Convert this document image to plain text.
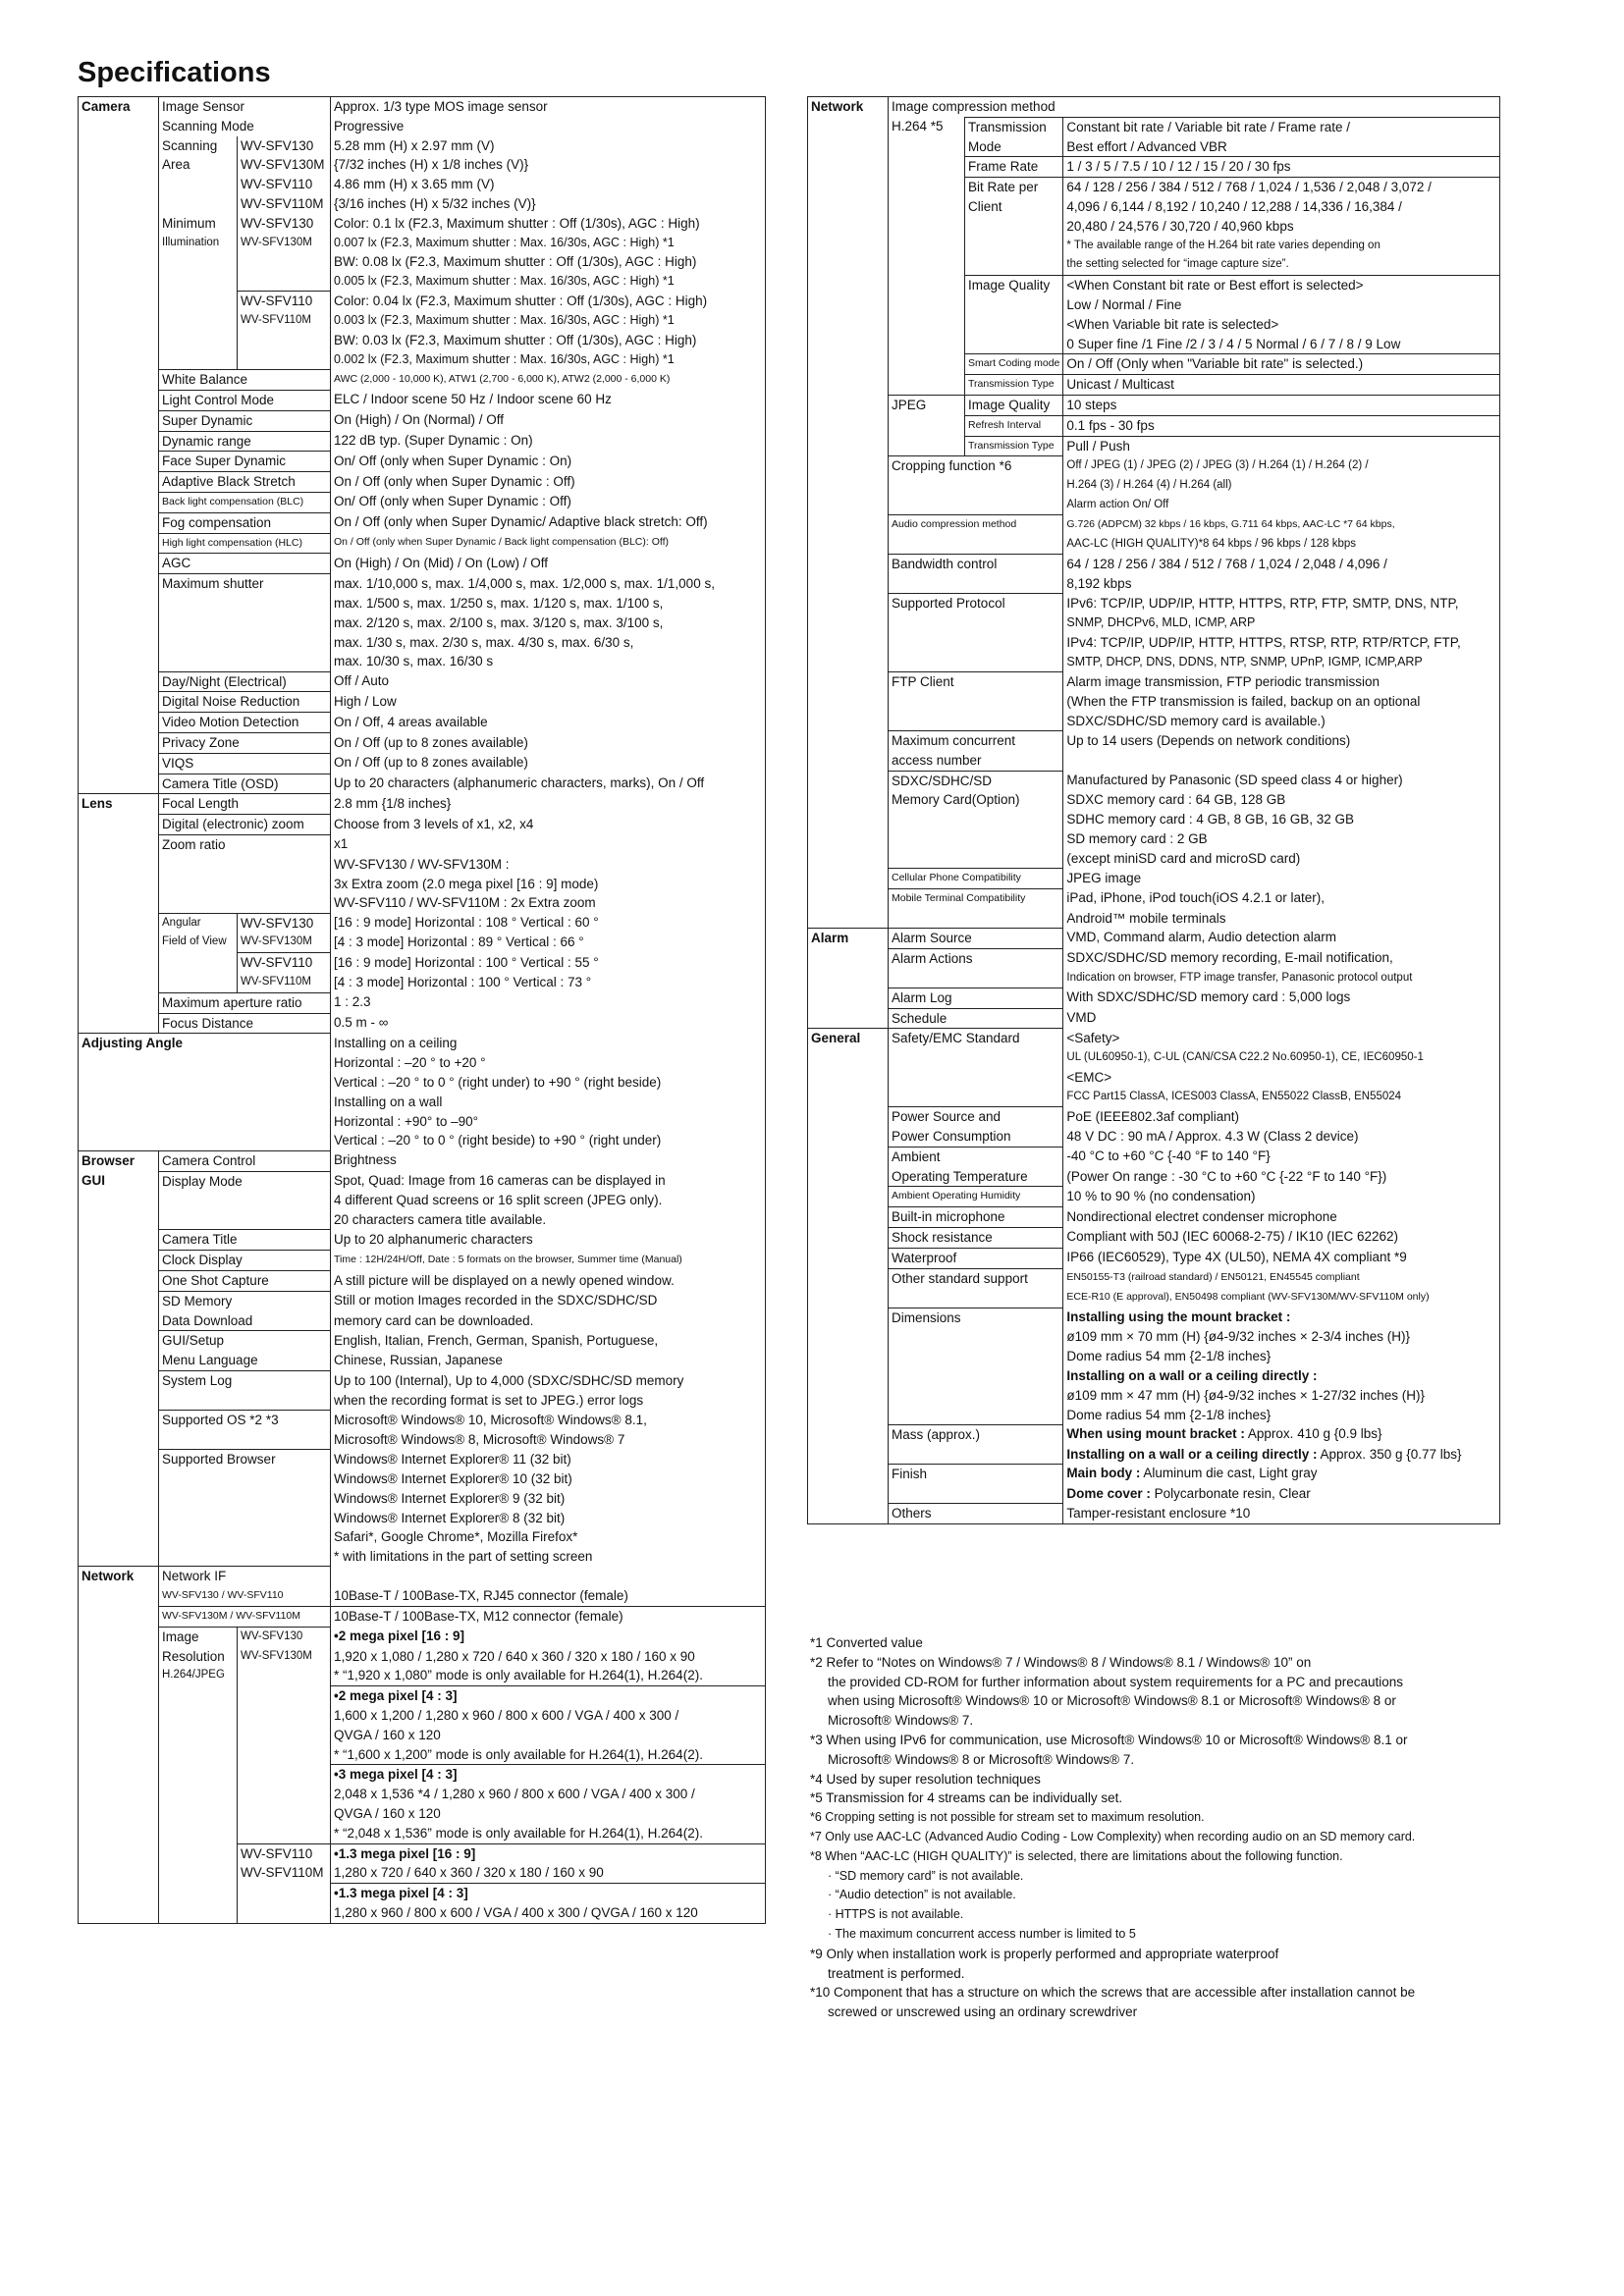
Specifications
Camera	Image Sensor		Approx. 1/3 type MOS image sensor
	Scanning Mode		Progressive
	Scanning	WV-SFV130	5.28 mm (H) x 2.97 mm (V)
	Area	WV-SFV130M	{7/32 inches (H) x 1/8 inches (V)}
		WV-SFV110	4.86 mm (H) x 3.65 mm (V)
		WV-SFV110M	{3/16 inches (H) x 5/32 inches (V)}
	Minimum	WV-SFV130	Color: 0.1 lx (F2.3, Maximum shutter : Off (1/30s), AGC : High)
	Illumination	WV-SFV130M	0.007 lx (F2.3, Maximum shutter : Max. 16/30s, AGC : High) *1
			BW: 0.08 lx (F2.3, Maximum shutter : Off (1/30s), AGC : High)
			0.005 lx (F2.3, Maximum shutter : Max. 16/30s, AGC : High) *1
		WV-SFV110	Color: 0.04 lx (F2.3, Maximum shutter : Off (1/30s), AGC : High)
		WV-SFV110M	0.003 lx (F2.3, Maximum shutter : Max. 16/30s, AGC : High) *1
			BW: 0.03 lx (F2.3, Maximum shutter : Off (1/30s), AGC : High)
			0.002 lx (F2.3, Maximum shutter : Max. 16/30s, AGC : High) *1
	White Balance		AWC (2,000 - 10,000 K), ATW1 (2,700 - 6,000 K), ATW2 (2,000 - 6,000 K)
	Light Control Mode		ELC / Indoor scene 50 Hz / Indoor scene 60 Hz
	Super Dynamic		On (High) / On (Normal) / Off
	Dynamic range		122 dB typ. (Super Dynamic : On)
	Face Super Dynamic		On/ Off (only when Super Dynamic : On)
	Adaptive Black Stretch		On / Off (only when Super Dynamic : Off)
	Back light compensation (BLC)		On/ Off (only when Super Dynamic : Off)
	Fog compensation		On / Off (only when Super Dynamic/ Adaptive black stretch: Off)
	High light compensation (HLC)		On / Off (only when Super Dynamic / Back light compensation (BLC): Off)
	AGC		On (High) / On (Mid) / On (Low) / Off
	Maximum shutter		max. 1/10,000 s, max. 1/4,000 s, max. 1/2,000 s, max. 1/1,000 s,
			max. 1/500 s, max. 1/250 s, max. 1/120 s, max. 1/100 s,
			max. 2/120 s, max. 2/100 s, max. 3/120 s, max. 3/100 s,
			max. 1/30 s, max. 2/30 s, max. 4/30 s, max. 6/30 s,
			max. 10/30 s, max. 16/30 s
	Day/Night (Electrical)		Off / Auto
	Digital Noise Reduction		High / Low
	Video Motion Detection		On / Off, 4 areas available
	Privacy Zone		On / Off (up to 8 zones available)
	VIQS		On / Off (up to 8 zones available)
	Camera Title (OSD)		Up to 20 characters (alphanumeric characters, marks), On / Off
Lens	Focal Length		2.8 mm {1/8 inches}
	Digital (electronic) zoom		Choose from 3 levels of x1, x2, x4
	Zoom ratio		x1
			WV-SFV130 / WV-SFV130M :
			3x Extra zoom (2.0 mega pixel [16 : 9] mode)
			WV-SFV110 / WV-SFV110M : 2x Extra zoom
	Angular	WV-SFV130	[16 : 9 mode] Horizontal : 108 ° Vertical : 60 °
	Field of View	WV-SFV130M	[4 : 3 mode] Horizontal : 89 ° Vertical : 66 °
		WV-SFV110	[16 : 9 mode] Horizontal : 100 ° Vertical : 55 °
		WV-SFV110M	[4 : 3 mode] Horizontal : 100 ° Vertical : 73 °
	Maximum aperture ratio		1 : 2.3
	Focus Distance		0.5 m - ∞
Adjusting Angle			Installing on a ceiling
			Horizontal : –20 ° to +20 °
			Vertical : –20 ° to 0 ° (right under) to +90 ° (right beside)
			Installing on a wall
			Horizontal : +90° to –90°
			Vertical : –20 ° to 0 ° (right beside) to +90 ° (right under)
Browser	Camera Control		Brightness
GUI	Display Mode		Spot, Quad: Image from 16 cameras can be displayed in
			4 different Quad screens or 16 split screen (JPEG only).
			20 characters camera title available.
	Camera Title		Up to 20 alphanumeric characters
	Clock Display		Time : 12H/24H/Off, Date : 5 formats on the browser, Summer time (Manual)
	One Shot Capture		A still picture will be displayed on a newly opened window.
	SD Memory		Still or motion Images recorded in the SDXC/SDHC/SD
	Data Download		memory card can be downloaded.
	GUI/Setup		English, Italian, French, German, Spanish, Portuguese,
	Menu Language		Chinese, Russian, Japanese
	System Log		Up to 100 (Internal), Up to 4,000 (SDXC/SDHC/SD memory
			when the recording format is set to JPEG.) error logs
	Supported OS *2 *3		Microsoft® Windows® 10, Microsoft® Windows® 8.1,
			Microsoft® Windows® 8, Microsoft® Windows® 7
	Supported Browser		Windows® Internet Explorer® 11 (32 bit)
			Windows® Internet Explorer® 10 (32 bit)
			Windows® Internet Explorer® 9 (32 bit)
			Windows® Internet Explorer® 8 (32 bit)
			Safari*, Google Chrome*, Mozilla Firefox*
			* with limitations in the part of setting screen
Network	Network IF		
	WV-SFV130 / WV-SFV110		10Base-T / 100Base-TX, RJ45 connector (female)
	WV-SFV130M / WV-SFV110M		10Base-T / 100Base-TX, M12 connector (female)
	Image	WV-SFV130	•2 mega pixel [16 : 9]
	Resolution	WV-SFV130M	1,920 x 1,080 / 1,280 x 720 / 640 x 360 / 320 x 180 / 160 x 90
	H.264/JPEG		* “1,920 x 1,080” mode is only available for H.264(1), H.264(2).
			•2 mega pixel [4 : 3]
			1,600 x 1,200 / 1,280 x 960 / 800 x 600 / VGA / 400 x 300 /
			QVGA / 160 x 120
			* “1,600 x 1,200” mode is only available for H.264(1), H.264(2).
			•3 mega pixel [4 : 3]
			2,048 x 1,536 *4 / 1,280 x 960 / 800 x 600 / VGA / 400 x 300 /
			QVGA / 160 x 120
			* “2,048 x 1,536” mode is only available for H.264(1), H.264(2).
		WV-SFV110	•1.3 mega pixel [16 : 9]
		WV-SFV110M	1,280 x 720 / 640 x 360 / 320 x 180 / 160 x 90
			•1.3 mega pixel [4 : 3]
			1,280 x 960 / 800 x 600 / VGA / 400 x 300 / QVGA / 160 x 120
Network	Image compression method		
	H.264 *5	Transmission	Constant bit rate / Variable bit rate / Frame rate /
		Mode	Best effort / Advanced VBR
		Frame Rate	1 / 3 / 5 / 7.5 / 10 / 12 / 15 / 20 / 30 fps
		Bit Rate per	64 / 128 / 256 / 384 / 512 / 768 / 1,024 / 1,536 / 2,048 / 3,072 /
		Client	4,096 / 6,144 / 8,192 / 10,240 / 12,288 / 14,336 / 16,384 /
			20,480 / 24,576 / 30,720 / 40,960 kbps
			* The available range of the H.264 bit rate varies depending on
			the setting selected for “image capture size”.
		Image Quality	<When Constant bit rate or Best effort is selected>
			Low / Normal / Fine
			<When Variable bit rate is selected>
			0 Super fine /1 Fine /2 / 3 / 4 / 5 Normal / 6 / 7 / 8 / 9 Low
		Smart Coding mode	On / Off (Only when "Variable bit rate" is selected.)
		Transmission Type	Unicast / Multicast
	JPEG	Image Quality	10 steps
		Refresh Interval	0.1 fps - 30 fps
		Transmission Type	Pull / Push
	Cropping function *6		Off / JPEG (1) / JPEG (2) / JPEG (3) / H.264 (1) / H.264 (2) /
			H.264 (3) / H.264 (4) / H.264 (all)
			Alarm action On/ Off
	Audio compression method		G.726 (ADPCM) 32 kbps / 16 kbps, G.711 64 kbps, AAC-LC *7 64 kbps,
			AAC-LC (HIGH QUALITY)*8 64 kbps / 96 kbps / 128 kbps
	Bandwidth control		64 / 128 / 256 / 384 / 512 / 768 / 1,024 / 2,048 / 4,096 /
			8,192 kbps
	Supported Protocol		IPv6: TCP/IP, UDP/IP, HTTP, HTTPS, RTP, FTP, SMTP, DNS, NTP,
			SNMP, DHCPv6, MLD, ICMP, ARP
			IPv4: TCP/IP, UDP/IP, HTTP, HTTPS, RTSP, RTP, RTP/RTCP, FTP,
			SMTP, DHCP, DNS, DDNS, NTP, SNMP, UPnP, IGMP, ICMP,ARP
	FTP Client		Alarm image transmission, FTP periodic transmission
			(When the FTP transmission is failed, backup on an optional
			SDXC/SDHC/SD memory card is available.)
	Maximum concurrent		Up to 14 users (Depends on network conditions)
	access number		
	SDXC/SDHC/SD		Manufactured by Panasonic (SD speed class 4 or higher)
	Memory Card(Option)		SDXC memory card : 64 GB, 128 GB
			SDHC memory card : 4 GB, 8 GB, 16 GB, 32 GB
			SD memory card : 2 GB
			(except miniSD card and microSD card)
	Cellular Phone Compatibility		JPEG image
	Mobile Terminal Compatibility		iPad, iPhone, iPod touch(iOS 4.2.1 or later),
			Android™ mobile terminals
Alarm	Alarm Source		VMD, Command alarm, Audio detection alarm
	Alarm Actions		SDXC/SDHC/SD memory recording, E-mail notification,
			Indication on browser, FTP image transfer, Panasonic protocol output
	Alarm Log		With SDXC/SDHC/SD memory card : 5,000 logs
	Schedule		VMD
General	Safety/EMC Standard		<Safety>
			UL (UL60950-1), C-UL (CAN/CSA C22.2 No.60950-1), CE, IEC60950-1
			<EMC>
			FCC Part15 ClassA, ICES003 ClassA, EN55022 ClassB, EN55024
	Power Source and		PoE (IEEE802.3af compliant)
	Power Consumption		48 V DC : 90 mA / Approx. 4.3 W (Class 2 device)
	Ambient		-40 °C to +60 °C {-40 °F to 140 °F}
	Operating Temperature		(Power On range : -30 °C to +60 °C {-22 °F to 140 °F})
	Ambient Operating Humidity		10 % to 90 % (no condensation)
	Built-in microphone		Nondirectional electret condenser microphone
	Shock resistance		Compliant with 50J (IEC 60068-2-75) / IK10 (IEC 62262)
	Waterproof		IP66 (IEC60529), Type 4X (UL50), NEMA 4X compliant *9
	Other standard support		EN50155-T3 (railroad standard) / EN50121, EN45545 compliant
			ECE-R10 (E approval), EN50498 compliant (WV-SFV130M/WV-SFV110M only)
	Dimensions		Installing using the mount bracket :
			ø109 mm × 70 mm (H) {ø4-9/32 inches × 2-3/4 inches (H)}
			Dome radius 54 mm {2-1/8 inches}
			Installing on a wall or a ceiling directly :
			ø109 mm × 47 mm (H) {ø4-9/32 inches × 1-27/32 inches (H)}
			Dome radius 54 mm {2-1/8 inches}
	Mass (approx.)		When using mount bracket : Approx. 410 g {0.9 lbs}
			Installing on a wall or a ceiling directly : Approx. 350 g {0.77 lbs}
	Finish		Main body : Aluminum die cast, Light gray
			Dome cover : Polycarbonate resin, Clear
	Others		Tamper-resistant enclosure *10
*1 Converted value
*2 Refer to “Notes on Windows® 7 / Windows® 8 / Windows® 8.1 / Windows® 10” on
the provided CD-ROM for further information about system requirements for a PC and precautions
when using Microsoft® Windows® 10 or Microsoft® Windows® 8.1 or Microsoft® Windows® 8 or
Microsoft® Windows® 7.
*3 When using IPv6 for communication, use Microsoft® Windows® 10 or Microsoft® Windows® 8.1 or
Microsoft® Windows® 8 or Microsoft® Windows® 7.
*4 Used by super resolution techniques
*5 Transmission for 4 streams can be individually set.
*6 Cropping setting is not possible for stream set to maximum resolution.
*7 Only use AAC-LC (Advanced Audio Coding - Low Complexity) when recording audio on an SD memory card.
*8 When “AAC-LC (HIGH QUALITY)” is selected, there are limitations about the following function.
· “SD memory card” is not available.
· “Audio detection” is not available.
· HTTPS is not available.
· The maximum concurrent access number is limited to 5
*9 Only when installation work is properly performed and appropriate waterproof
treatment is performed.
*10 Component that has a structure on which the screws that are accessible after installation cannot be
screwed or unscrewed using an ordinary screwdriver
